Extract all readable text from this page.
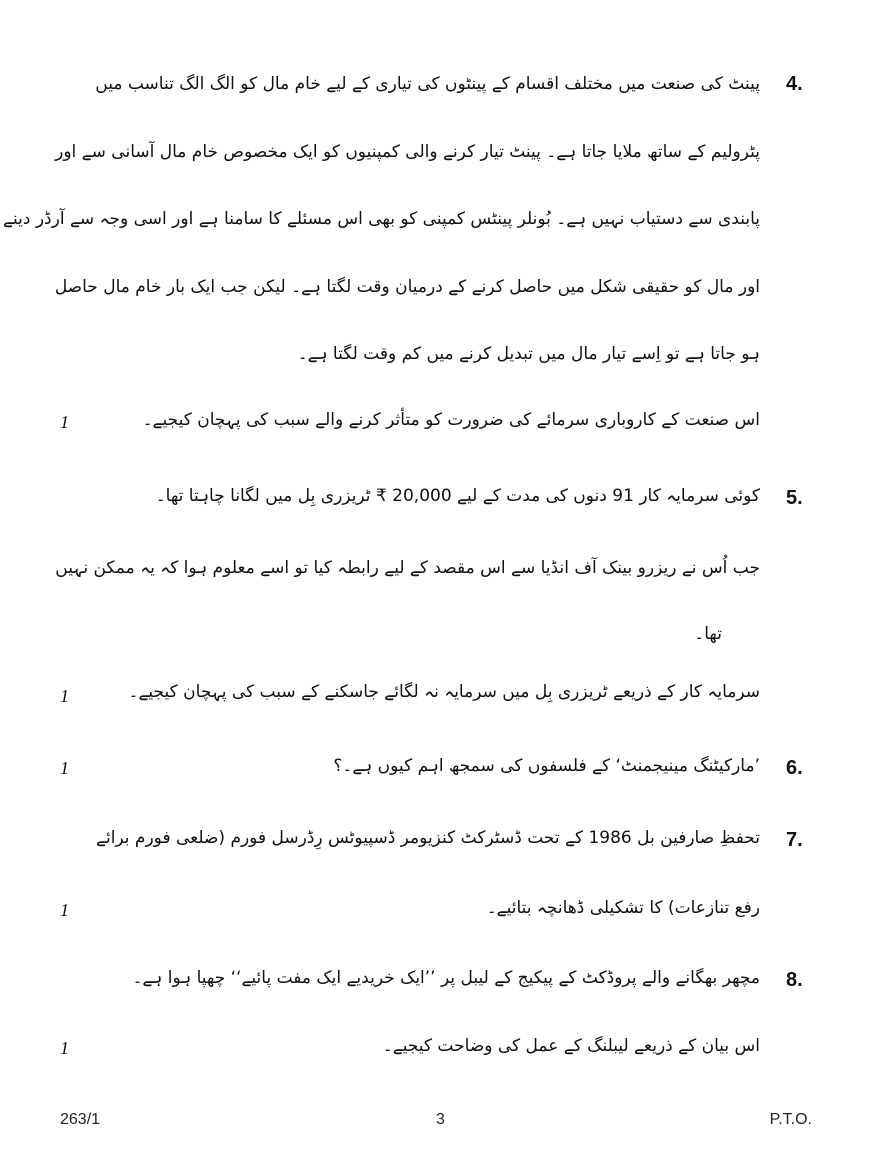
4.
پینٹ کی صنعت میں مختلف اقسام کے پینٹوں کی تیاری کے لیے خام مال کو الگ الگ تناسب میں
پٹرولیم کے ساتھ ملایا جاتا ہے۔ پینٹ تیار کرنے والی کمپنیوں کو ایک مخصوص خام مال آسانی سے اور
پابندی سے دستیاب نہیں ہے۔ بُونلر پینٹس کمپنی کو بھی اس مسئلے کا سامنا ہے اور اسی وجہ سے آرڈر دینے
اور مال کو حقیقی شکل میں حاصل کرنے کے درمیان وقت لگتا ہے۔ لیکن جب ایک بار خام مال حاصل
ہو جاتا ہے تو اِسے تیار مال میں تبدیل کرنے میں کم وقت لگتا ہے۔
اس صنعت کے کاروباری سرمائے کی ضرورت کو متأثر کرنے والے سبب کی پہچان کیجیے۔
1
5.
کوئی سرمایہ کار 91 دنوں کی مدت کے لیے 20,000 ₹ ٹریزری بِل میں لگانا چاہتا تھا۔
جب اُس نے ریزرو بینک آف انڈیا سے اس مقصد کے لیے رابطہ کیا تو اسے معلوم ہوا کہ یہ ممکن نہیں
تھا۔
سرمایہ کار کے ذریعے ٹریزری بِل میں سرمایہ نہ لگائے جاسکنے کے سبب کی پہچان کیجیے۔
1
6.
’مارکیٹنگ مینیجمنٹ‘ کے فلسفوں کی سمجھ اہم کیوں ہے۔؟
1
7.
تحفظِ صارفین بل 1986 کے تحت ڈسٹرکٹ کنزیومر ڈسپیوٹس رِڈرسل فورم (ضلعی فورم برائے
رفع تنازعات) کا تشکیلی ڈھانچہ بتائیے۔
1
8.
مچھر بھگانے والے پروڈکٹ کے پیکیج کے لیبل پر ’’ایک خریدیے ایک مفت پائیے‘‘ چھپا ہوا ہے۔
اس بیان کے ذریعے لیبلنگ کے عمل کی وضاحت کیجیے۔
1
263/1	3	P.T.O.
